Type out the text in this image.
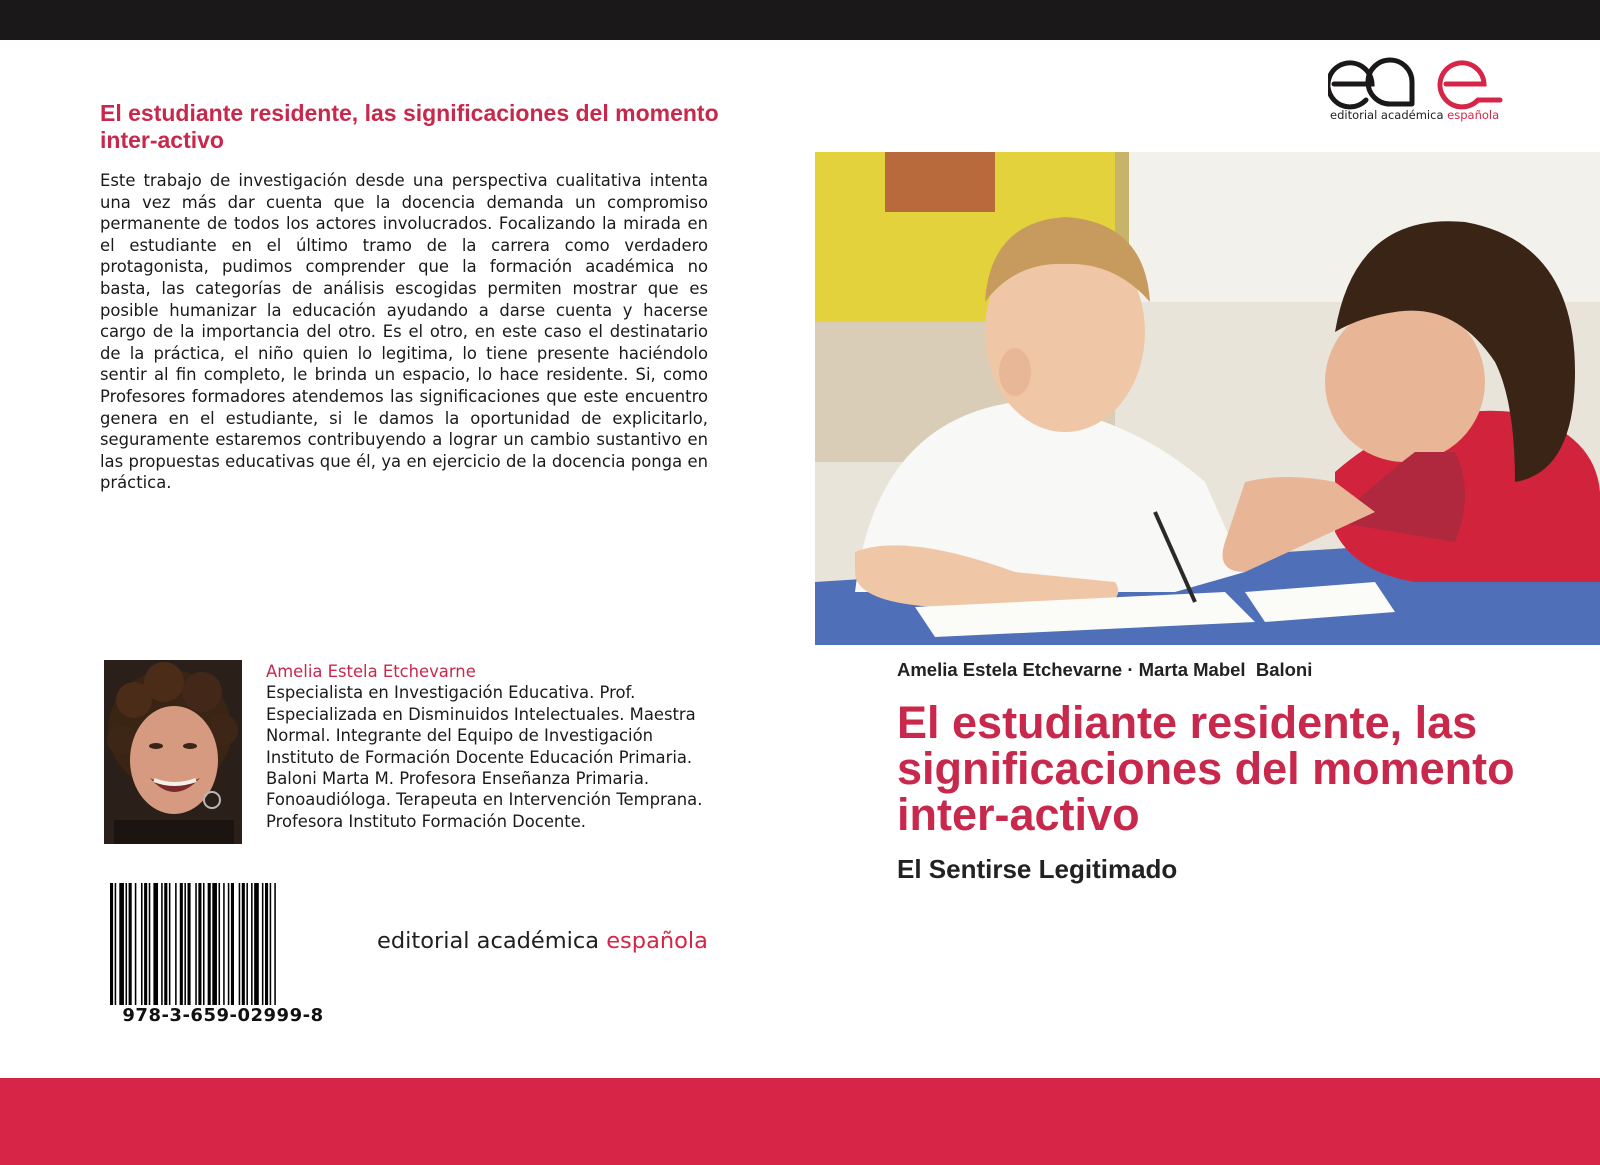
El estudiante residente, las significaciones del momento inter-activo

Este trabajo de investigación desde una perspectiva cualitativa intenta una vez más dar cuenta que la docencia demanda un compromiso permanente de todos los actores involucrados. Focalizando la mirada en el estudiante en el último tramo de la carrera como verdadero protagonista, pudimos comprender que la formación académica no basta, las categorías de análisis escogidas permiten mostrar que es posible humanizar la educación ayudando a darse cuenta y hacerse cargo de la importancia del otro. Es el otro, en este caso el destinatario de la práctica, el niño quien lo legitima, lo tiene presente haciéndolo sentir al fin completo, le brinda un espacio, lo hace residente. Si, como Profesores formadores atendemos las significaciones que este encuentro genera en el estudiante, si le damos la oportunidad de explicitarlo, seguramente estaremos contribuyendo a lograr un cambio sustantivo en las propuestas educativas que él, ya en ejercicio de la docencia ponga en práctica.

Amelia Estela Etchevarne
Especialista en Investigación Educativa. Prof. Especializada en Disminuidos Intelectuales. Maestra Normal. Integrante del Equipo de Investigación Instituto de Formación Docente Educación Primaria. Baloni Marta M. Profesora Enseñanza Primaria. Fonoaudióloga. Terapeuta en Intervención Temprana. Profesora Instituto Formación Docente.
978-3-659-02999-8
editorial académica española
editorial académica española
Amelia Estela Etchevarne · Marta Mabel  Baloni
El estudiante residente, las significaciones del momento inter-activo
El Sentirse Legitimado
